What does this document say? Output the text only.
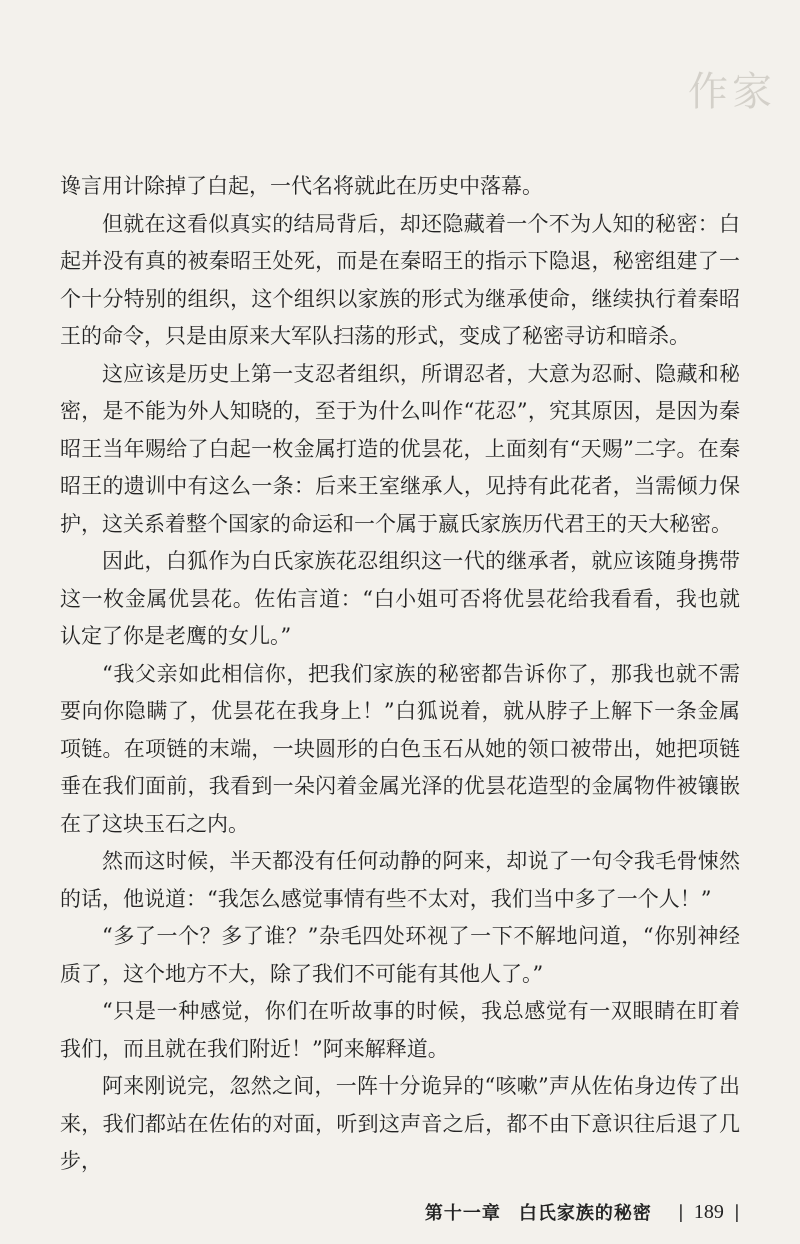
作家

谗言用计除掉了白起，一代名将就此在历史中落幕。

但就在这看似真实的结局背后，却还隐藏着一个不为人知的秘密：白起并没有真的被秦昭王处死，而是在秦昭王的指示下隐退，秘密组建了一个十分特别的组织，这个组织以家族的形式为继承使命，继续执行着秦昭王的命令，只是由原来大军队扫荡的形式，变成了秘密寻访和暗杀。

这应该是历史上第一支忍者组织，所谓忍者，大意为忍耐、隐藏和秘密，是不能为外人知晓的，至于为什么叫作“花忍”，究其原因，是因为秦昭王当年赐给了白起一枚金属打造的优昙花，上面刻有“天赐”二字。在秦昭王的遗训中有这么一条：后来王室继承人，见持有此花者，当需倾力保护，这关系着整个国家的命运和一个属于嬴氏家族历代君王的天大秘密。

因此，白狐作为白氏家族花忍组织这一代的继承者，就应该随身携带这一枚金属优昙花。佐佑言道：“白小姐可否将优昙花给我看看，我也就认定了你是老鹰的女儿。”

“我父亲如此相信你，把我们家族的秘密都告诉你了，那我也就不需要向你隐瞒了，优昙花在我身上！”白狐说着，就从脖子上解下一条金属项链。在项链的末端，一块圆形的白色玉石从她的领口被带出，她把项链垂在我们面前，我看到一朵闪着金属光泽的优昙花造型的金属物件被镶嵌在了这块玉石之内。

然而这时候，半天都没有任何动静的阿来，却说了一句令我毛骨悚然的话，他说道：“我怎么感觉事情有些不太对，我们当中多了一个人！”

“多了一个？多了谁？”杂毛四处环视了一下不解地问道，“你别神经质了，这个地方不大，除了我们不可能有其他人了。”

“只是一种感觉，你们在听故事的时候，我总感觉有一双眼睛在盯着我们，而且就在我们附近！”阿来解释道。

阿来刚说完，忽然之间，一阵十分诡异的“咳嗽”声从佐佑身边传了出来，我们都站在佐佑的对面，听到这声音之后，都不由下意识往后退了几步，

第十一章 白氏家族的秘密 | 189 |
